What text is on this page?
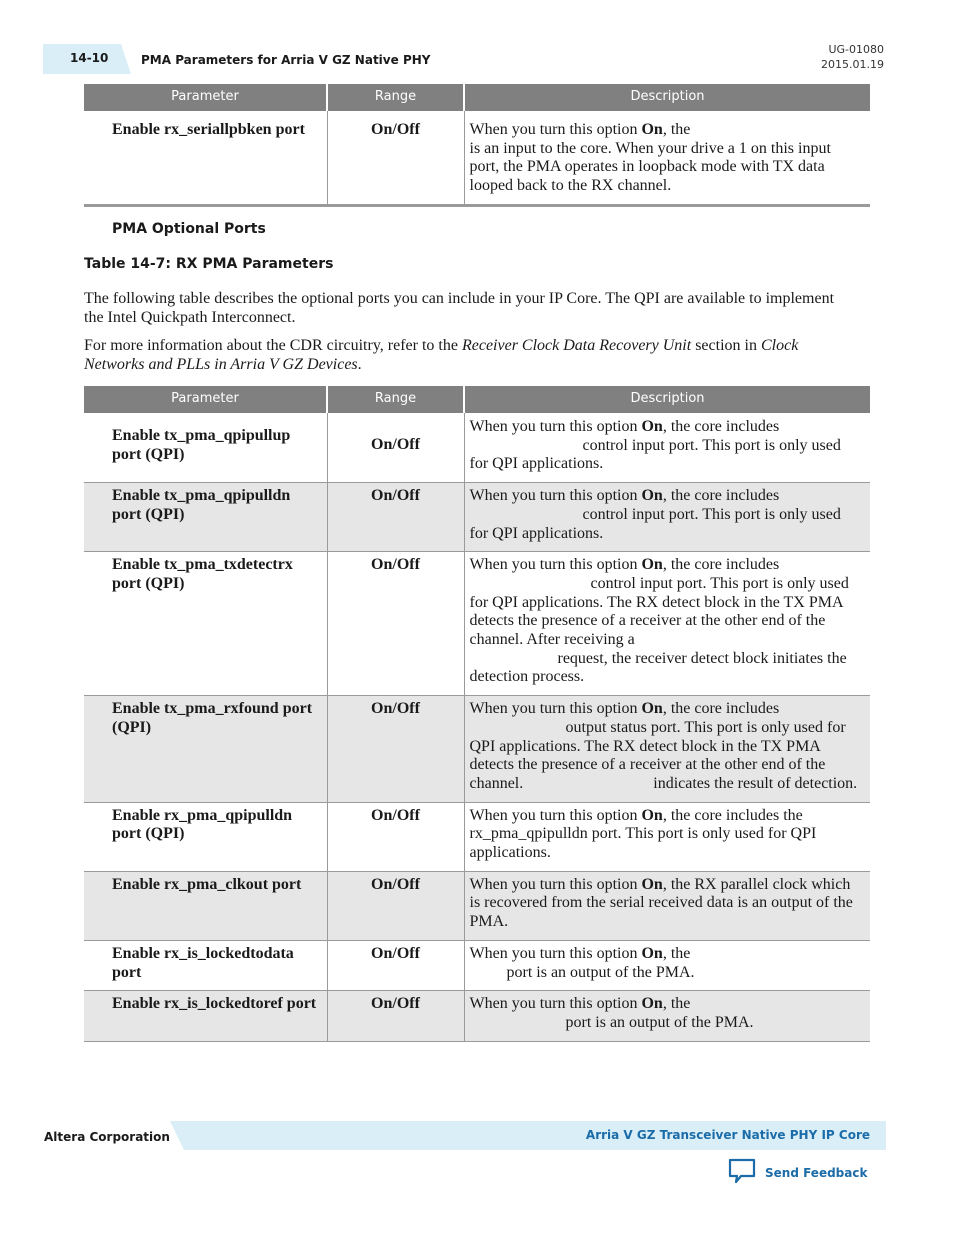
14-10	PMA Parameters for Arria V GZ Native PHY
UG-01080
2015.01.19
Parameter	Range	Description

Enable rx_seriallpbken port	On/Off	When you turn this option On, the
is an input to the core. When your drive a 1 on this input port, the PMA operates in loopback mode with TX data looped back to the RX channel.
PMA Optional Ports
Table 14-7: RX PMA Parameters

The following table describes the optional ports you can include in your IP Core. The QPI are available to implement the Intel Quickpath Interconnect.

For more information about the CDR circuitry, refer to the Receiver Clock Data Recovery Unit section in Clock Networks and PLLs in Arria V GZ Devices.

Parameter	Range	Description

Enable tx_pma_qpipullup port (QPI)	On/Off	When you turn this option On, the core includes
control input port. This port is only used for QPI applications.

Enable tx_pma_qpipulldn port (QPI)	On/Off	When you turn this option On, the core includes
control input port. This port is only used for QPI applications.

Enable tx_pma_txdetectrx port (QPI)	On/Off	When you turn this option On, the core includes
control input port. This port is only used for QPI applications. The RX detect block in the TX PMA detects the presence of a receiver at the other end of the channel. After receiving a
request, the receiver detect block initiates the detection process.

Enable tx_pma_rxfound port (QPI)	On/Off	When you turn this option On, the core includes
output status port. This port is only used for QPI applications. The RX detect block in the TX PMA detects the presence of a receiver at the other end of the channel. indicates the result of detection.

Enable rx_pma_qpipulldn port (QPI)	On/Off	When you turn this option On, the core includes the rx_pma_qpipulldn port. This port is only used for QPI applications.

Enable rx_pma_clkout port	On/Off	When you turn this option On, the RX parallel clock which is recovered from the serial received data is an output of the PMA.

Enable rx_is_lockedtodata port	On/Off	When you turn this option On, the
port is an output of the PMA.

Enable rx_is_lockedtoref port	On/Off	When you turn this option On, the
port is an output of the PMA.
Altera Corporation	Arria V GZ Transceiver Native PHY IP Core
Send Feedback
